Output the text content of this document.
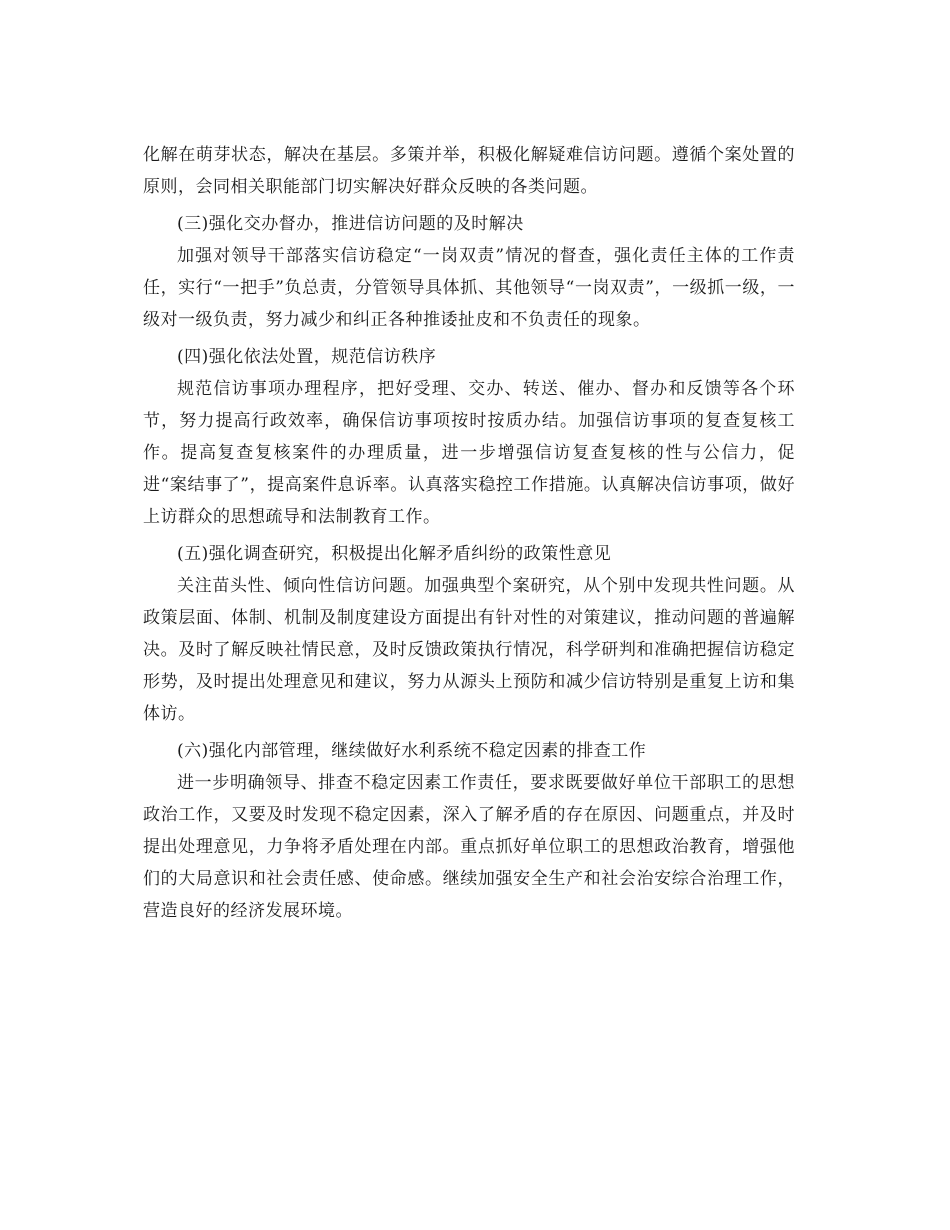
化解在萌芽状态，解决在基层。多策并举，积极化解疑难信访问题。遵循个案处置的原则，会同相关职能部门切实解决好群众反映的各类问题。

(三)强化交办督办，推进信访问题的及时解决

加强对领导干部落实信访稳定“一岗双责”情况的督查，强化责任主体的工作责任，实行“一把手”负总责，分管领导具体抓、其他领导“一岗双责”，一级抓一级，一级对一级负责，努力减少和纠正各种推诿扯皮和不负责任的现象。

(四)强化依法处置，规范信访秩序

规范信访事项办理程序，把好受理、交办、转送、催办、督办和反馈等各个环节，努力提高行政效率，确保信访事项按时按质办结。加强信访事项的复查复核工作。提高复查复核案件的办理质量，进一步增强信访复查复核的性与公信力，促进“案结事了”，提高案件息诉率。认真落实稳控工作措施。认真解决信访事项，做好上访群众的思想疏导和法制教育工作。

(五)强化调查研究，积极提出化解矛盾纠纷的政策性意见

关注苗头性、倾向性信访问题。加强典型个案研究，从个别中发现共性问题。从政策层面、体制、机制及制度建设方面提出有针对性的对策建议，推动问题的普遍解决。及时了解反映社情民意，及时反馈政策执行情况，科学研判和准确把握信访稳定形势，及时提出处理意见和建议，努力从源头上预防和减少信访特别是重复上访和集体访。

(六)强化内部管理，继续做好水利系统不稳定因素的排查工作

进一步明确领导、排查不稳定因素工作责任，要求既要做好单位干部职工的思想政治工作，又要及时发现不稳定因素，深入了解矛盾的存在原因、问题重点，并及时提出处理意见，力争将矛盾处理在内部。重点抓好单位职工的思想政治教育，增强他们的大局意识和社会责任感、使命感。继续加强安全生产和社会治安综合治理工作，营造良好的经济发展环境。
